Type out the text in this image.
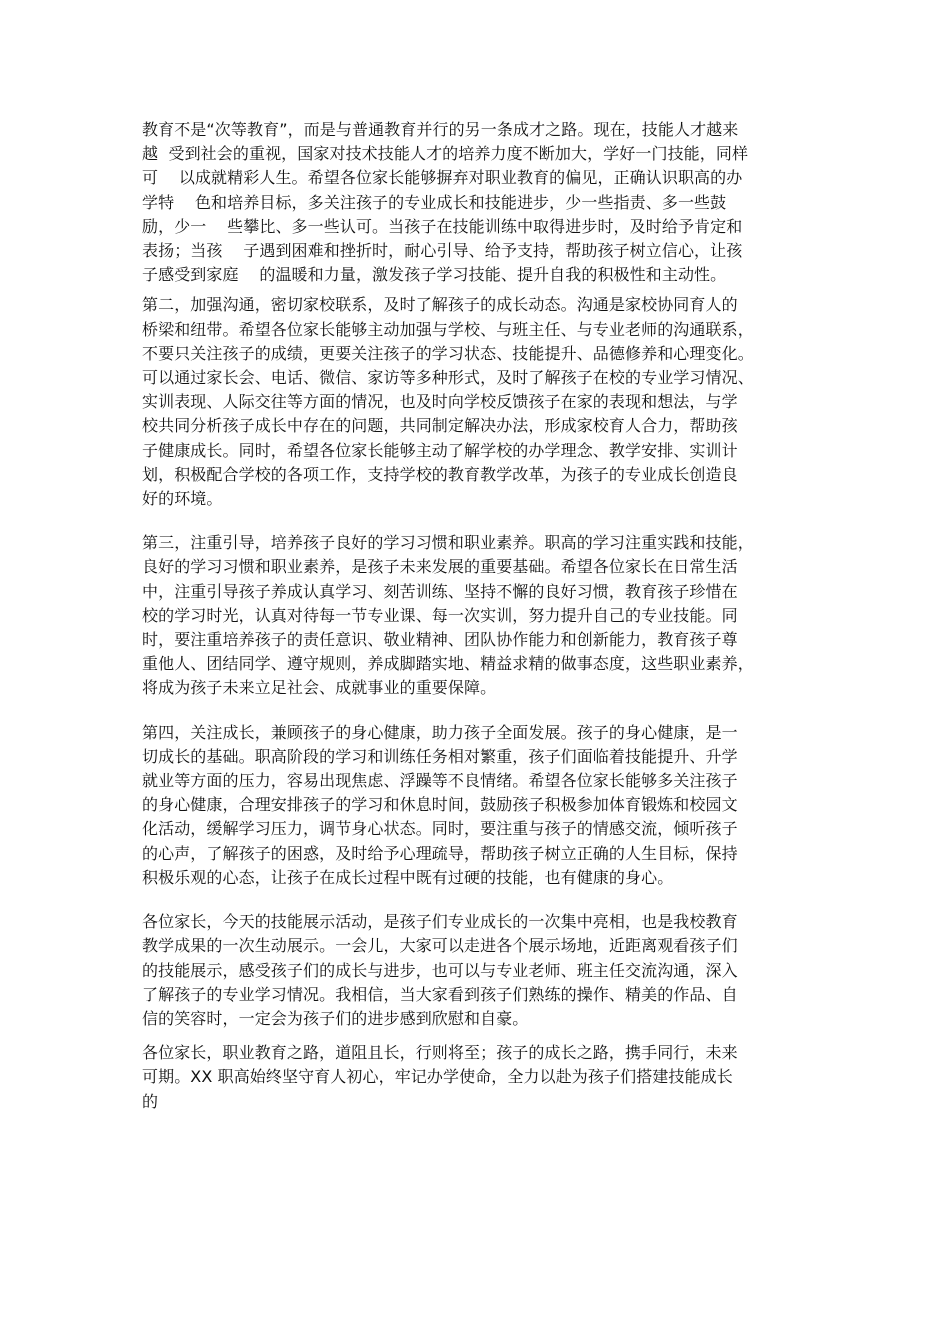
教育不是“次等教育”，而是与普通教育并行的另一条成才之路。现在，技能人才越来
越  受到社会的重视，国家对技术技能人才的培养力度不断加大，学好一门技能，同样
可    以成就精彩人生。希望各位家长能够摒弃对职业教育的偏见，正确认识职高的办
学特    色和培养目标，多关注孩子的专业成长和技能进步，少一些指责、多一些鼓
励，少一    些攀比、多一些认可。当孩子在技能训练中取得进步时，及时给予肯定和
表扬；当孩    子遇到困难和挫折时，耐心引导、给予支持，帮助孩子树立信心，让孩
子感受到家庭    的温暖和力量，激发孩子学习技能、提升自我的积极性和主动性。
第二，加强沟通，密切家校联系，及时了解孩子的成长动态。沟通是家校协同育人的
桥梁和纽带。希望各位家长能够主动加强与学校、与班主任、与专业老师的沟通联系，
不要只关注孩子的成绩，更要关注孩子的学习状态、技能提升、品德修养和心理变化。
可以通过家长会、电话、微信、家访等多种形式，及时了解孩子在校的专业学习情况、
实训表现、人际交往等方面的情况，也及时向学校反馈孩子在家的表现和想法，与学
校共同分析孩子成长中存在的问题，共同制定解决办法，形成家校育人合力，帮助孩
子健康成长。同时，希望各位家长能够主动了解学校的办学理念、教学安排、实训计
划，积极配合学校的各项工作，支持学校的教育教学改革，为孩子的专业成长创造良
好的环境。
第三，注重引导，培养孩子良好的学习习惯和职业素养。职高的学习注重实践和技能，
良好的学习习惯和职业素养，是孩子未来发展的重要基础。希望各位家长在日常生活
中，注重引导孩子养成认真学习、刻苦训练、坚持不懈的良好习惯，教育孩子珍惜在
校的学习时光，认真对待每一节专业课、每一次实训，努力提升自己的专业技能。同
时，要注重培养孩子的责任意识、敬业精神、团队协作能力和创新能力，教育孩子尊
重他人、团结同学、遵守规则，养成脚踏实地、精益求精的做事态度，这些职业素养，
将成为孩子未来立足社会、成就事业的重要保障。
第四，关注成长，兼顾孩子的身心健康，助力孩子全面发展。孩子的身心健康，是一
切成长的基础。职高阶段的学习和训练任务相对繁重，孩子们面临着技能提升、升学
就业等方面的压力，容易出现焦虑、浮躁等不良情绪。希望各位家长能够多关注孩子
的身心健康，合理安排孩子的学习和休息时间，鼓励孩子积极参加体育锻炼和校园文
化活动，缓解学习压力，调节身心状态。同时，要注重与孩子的情感交流，倾听孩子
的心声，了解孩子的困惑，及时给予心理疏导，帮助孩子树立正确的人生目标，保持
积极乐观的心态，让孩子在成长过程中既有过硬的技能，也有健康的身心。
各位家长，今天的技能展示活动，是孩子们专业成长的一次集中亮相，也是我校教育
教学成果的一次生动展示。一会儿，大家可以走进各个展示场地，近距离观看孩子们
的技能展示，感受孩子们的成长与进步，也可以与专业老师、班主任交流沟通，深入
了解孩子的专业学习情况。我相信，当大家看到孩子们熟练的操作、精美的作品、自
信的笑容时，一定会为孩子们的进步感到欣慰和自豪。
各位家长，职业教育之路，道阻且长，行则将至；孩子的成长之路，携手同行，未来
可期。XX 职高始终坚守育人初心，牢记办学使命，全力以赴为孩子们搭建技能成长
的
